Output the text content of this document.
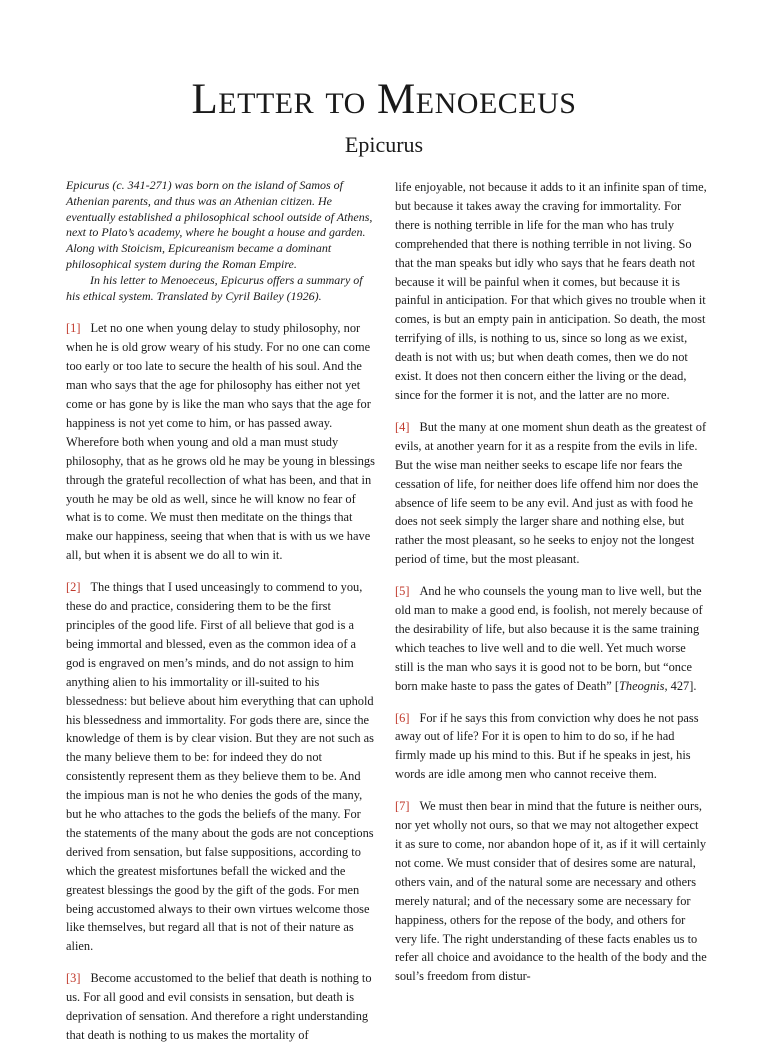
Letter to Menoeceus
Epicurus

Epicurus (c. 341-271) was born on the island of Samos of Athenian parents, and thus was an Athenian citizen. He eventually established a philosophical school outside of Athens, next to Plato’s academy, where he bought a house and garden. Along with Stoicism, Epicureanism became a dominant philosophical system during the Roman Empire.

In his letter to Menoeceus, Epicurus offers a summary of his ethical system. Translated by Cyril Bailey (1926).

[1] Let no one when young delay to study philosophy, nor when he is old grow weary of his study. For no one can come too early or too late to secure the health of his soul. And the man who says that the age for philosophy has either not yet come or has gone by is like the man who says that the age for happiness is not yet come to him, or has passed away. Wherefore both when young and old a man must study philosophy, that as he grows old he may be young in blessings through the grateful recollection of what has been, and that in youth he may be old as well, since he will know no fear of what is to come. We must then meditate on the things that make our happiness, seeing that when that is with us we have all, but when it is absent we do all to win it.

[2] The things that I used unceasingly to commend to you, these do and practice, considering them to be the first principles of the good life. First of all believe that god is a being immortal and blessed, even as the common idea of a god is engraved on men’s minds, and do not assign to him anything alien to his immortality or ill-suited to his blessedness: but believe about him everything that can uphold his blessedness and immortality. For gods there are, since the knowledge of them is by clear vision. But they are not such as the many believe them to be: for indeed they do not consistently represent them as they believe them to be. And the impious man is not he who denies the gods of the many, but he who attaches to the gods the beliefs of the many. For the statements of the many about the gods are not conceptions derived from sensation, but false suppositions, according to which the greatest misfortunes befall the wicked and the greatest blessings the good by the gift of the gods. For men being accustomed always to their own virtues welcome those like themselves, but regard all that is not of their nature as alien.

[3] Become accustomed to the belief that death is nothing to us. For all good and evil consists in sensation, but death is deprivation of sensation. And therefore a right understanding that death is nothing to us makes the mortality of

life enjoyable, not because it adds to it an infinite span of time, but because it takes away the craving for immortality. For there is nothing terrible in life for the man who has truly comprehended that there is nothing terrible in not living. So that the man speaks but idly who says that he fears death not because it will be painful when it comes, but because it is painful in anticipation. For that which gives no trouble when it comes, is but an empty pain in anticipation. So death, the most terrifying of ills, is nothing to us, since so long as we exist, death is not with us; but when death comes, then we do not exist. It does not then concern either the living or the dead, since for the former it is not, and the latter are no more.

[4] But the many at one moment shun death as the greatest of evils, at another yearn for it as a respite from the evils in life. But the wise man neither seeks to escape life nor fears the cessation of life, for neither does life offend him nor does the absence of life seem to be any evil. And just as with food he does not seek simply the larger share and nothing else, but rather the most pleasant, so he seeks to enjoy not the longest period of time, but the most pleasant.

[5] And he who counsels the young man to live well, but the old man to make a good end, is foolish, not merely because of the desirability of life, but also because it is the same training which teaches to live well and to die well. Yet much worse still is the man who says it is good not to be born, but “once born make haste to pass the gates of Death” [Theognis, 427].

[6] For if he says this from conviction why does he not pass away out of life? For it is open to him to do so, if he had firmly made up his mind to this. But if he speaks in jest, his words are idle among men who cannot receive them.

[7] We must then bear in mind that the future is neither ours, nor yet wholly not ours, so that we may not altogether expect it as sure to come, nor abandon hope of it, as if it will certainly not come. We must consider that of desires some are natural, others vain, and of the natural some are necessary and others merely natural; and of the necessary some are necessary for happiness, others for the repose of the body, and others for very life. The right understanding of these facts enables us to refer all choice and avoidance to the health of the body and the soul’s freedom from distur-
